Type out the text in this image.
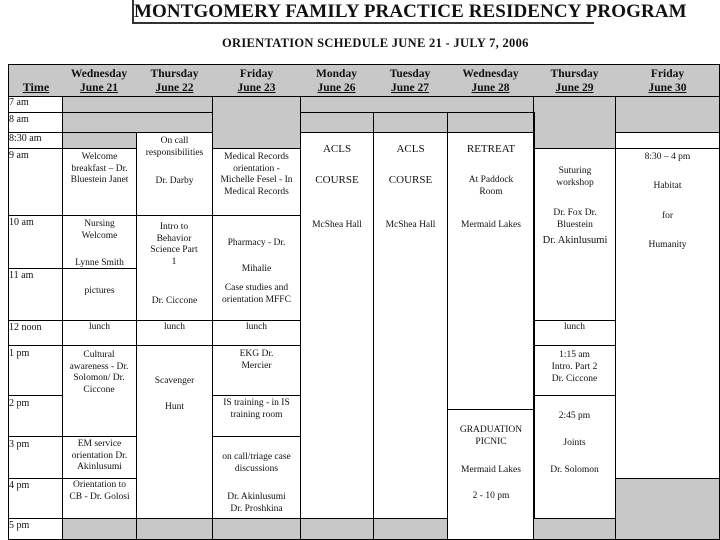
MONTGOMERY FAMILY PRACTICE RESIDENCY PROGRAM
ORIENTATION SCHEDULE JUNE 21 - JULY 7, 2006
Time
Wednesday
June 21
Thursday
June 22
Friday
June 23
Monday
June 26
Tuesday
June 27
Wednesday
June 28
Thursday
June 29
Friday
June 30
7 am
8 am
8:30 am
9 am
10 am
11 am
12 noon
1 pm
2 pm
3 pm
4 pm
5 pm
Welcome breakfast – Dr. Bluestein Janet
Nursing Welcome
Lynne Smith
pictures
lunch
Cultural awareness - Dr. Solomon/ Dr. Ciccone
EM service orientation Dr. Akinlusumi
Orientation to CB - Dr. Golosi
On call responsibilities
Dr. Darby
Intro to Behavior Science Part 1
Dr. Ciccone
lunch
Scavenger
Hunt
Medical Records orientation - Michelle Fesel - In Medical Records
Pharmacy - Dr. Mihalie
Case studies and orientation MFFC
lunch
EKG Dr. Mercier
IS training - in IS training room
on call/triage case discussions
Dr. Akinlusumi Dr. Proshkina
ACLS
COURSE
McShea Hall
ACLS
COURSE
McShea Hall
RETREAT
At Paddock Room
Mermaid Lakes
GRADUATION PICNIC
Mermaid Lakes
2 - 10 pm
Suturing workshop
Dr. Fox Dr. Bluestein
Dr. Akinlusumi
lunch
1:15 am
Intro. Part 2 Dr. Ciccone
2:45 pm
Joints
Dr. Solomon
8:30 – 4 pm
Habitat
for
Humanity
